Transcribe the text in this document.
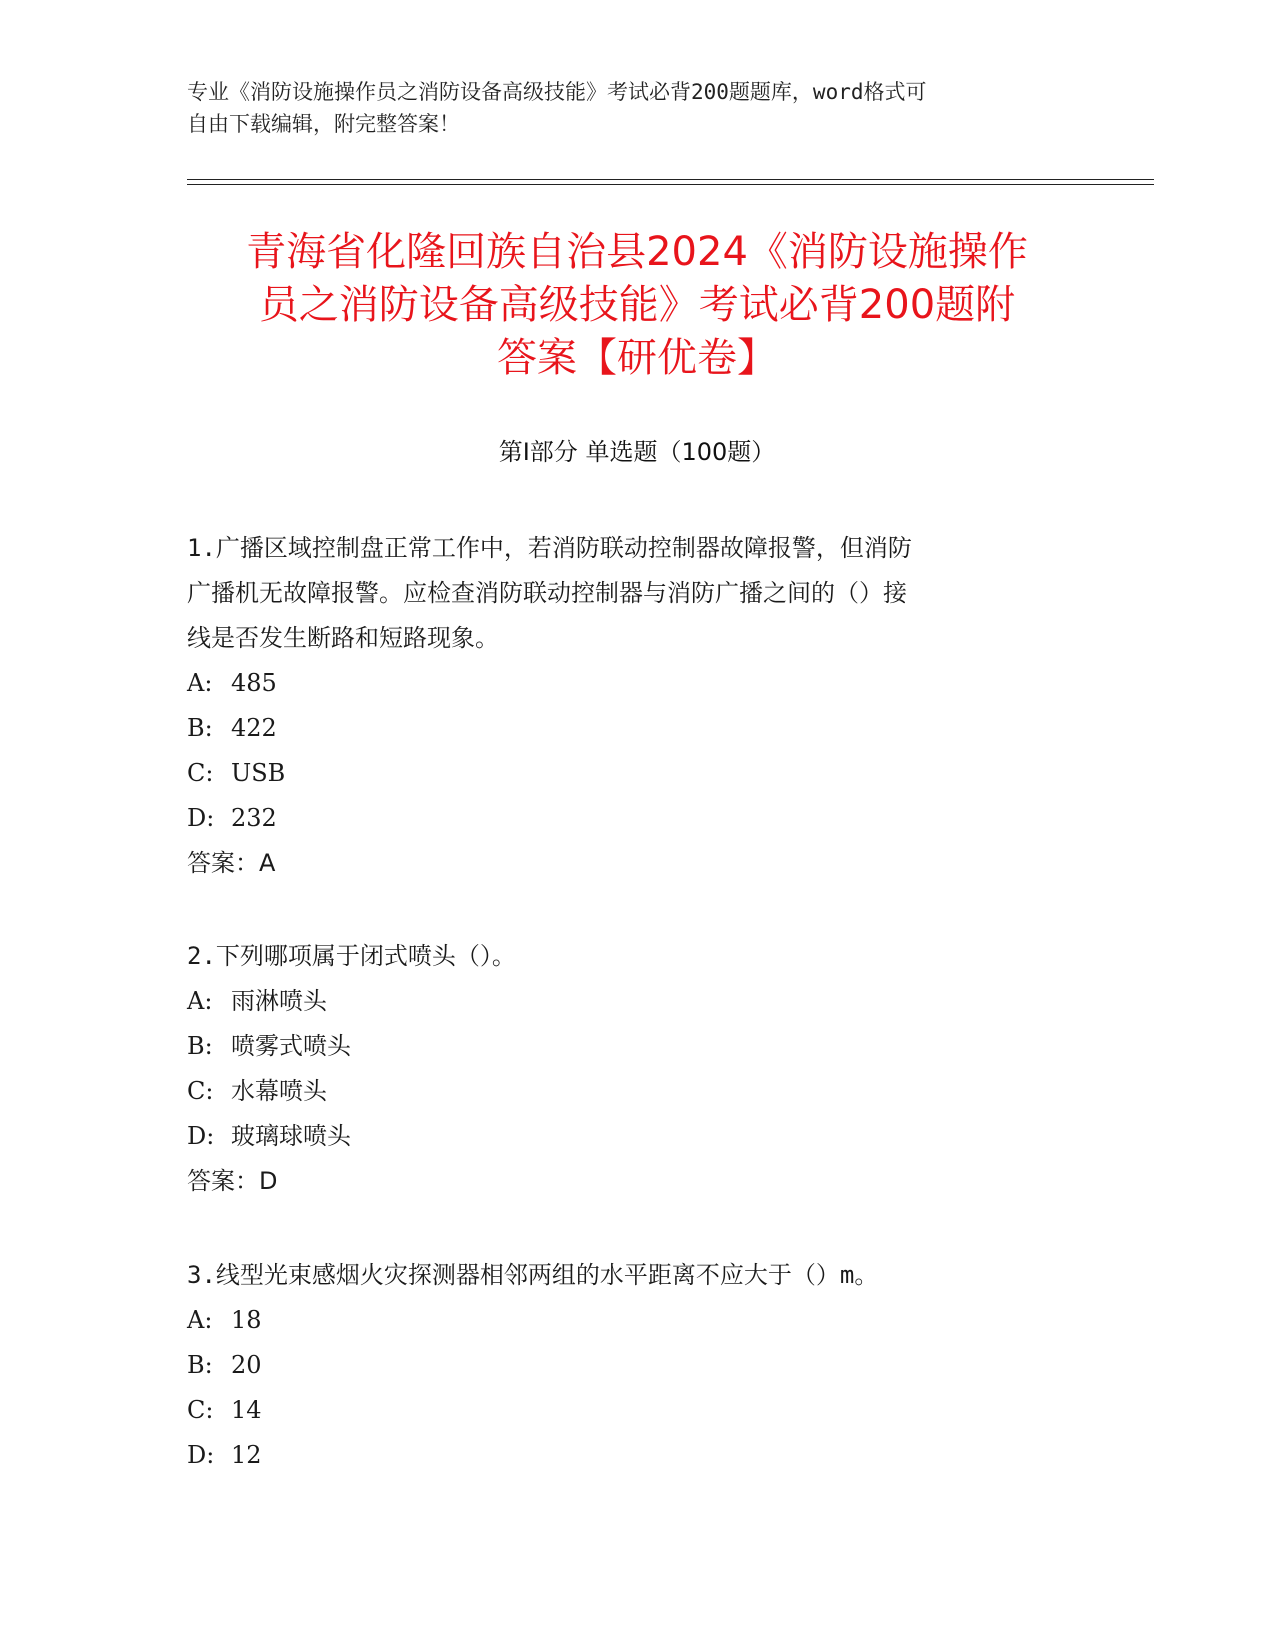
专业《消防设施操作员之消防设备高级技能》考试必背200题题库，word格式可
自由下载编辑，附完整答案！
青海省化隆回族自治县2024《消防设施操作
员之消防设备高级技能》考试必背200题附
答案【研优卷】
第Ⅰ部分 单选题（100题）

1.广播区域控制盘正常工作中，若消防联动控制器故障报警，但消防

广播机无故障报警。应检查消防联动控制器与消防广播之间的（）接

线是否发生断路和短路现象。

A: 485

B: 422

C: USB

D: 232

答案：A

2.下列哪项属于闭式喷头（）。

A: 雨淋喷头

B: 喷雾式喷头

C: 水幕喷头

D: 玻璃球喷头

答案：D

3.线型光束感烟火灾探测器相邻两组的水平距离不应大于（）m。

A: 18

B: 20

C: 14

D: 12
